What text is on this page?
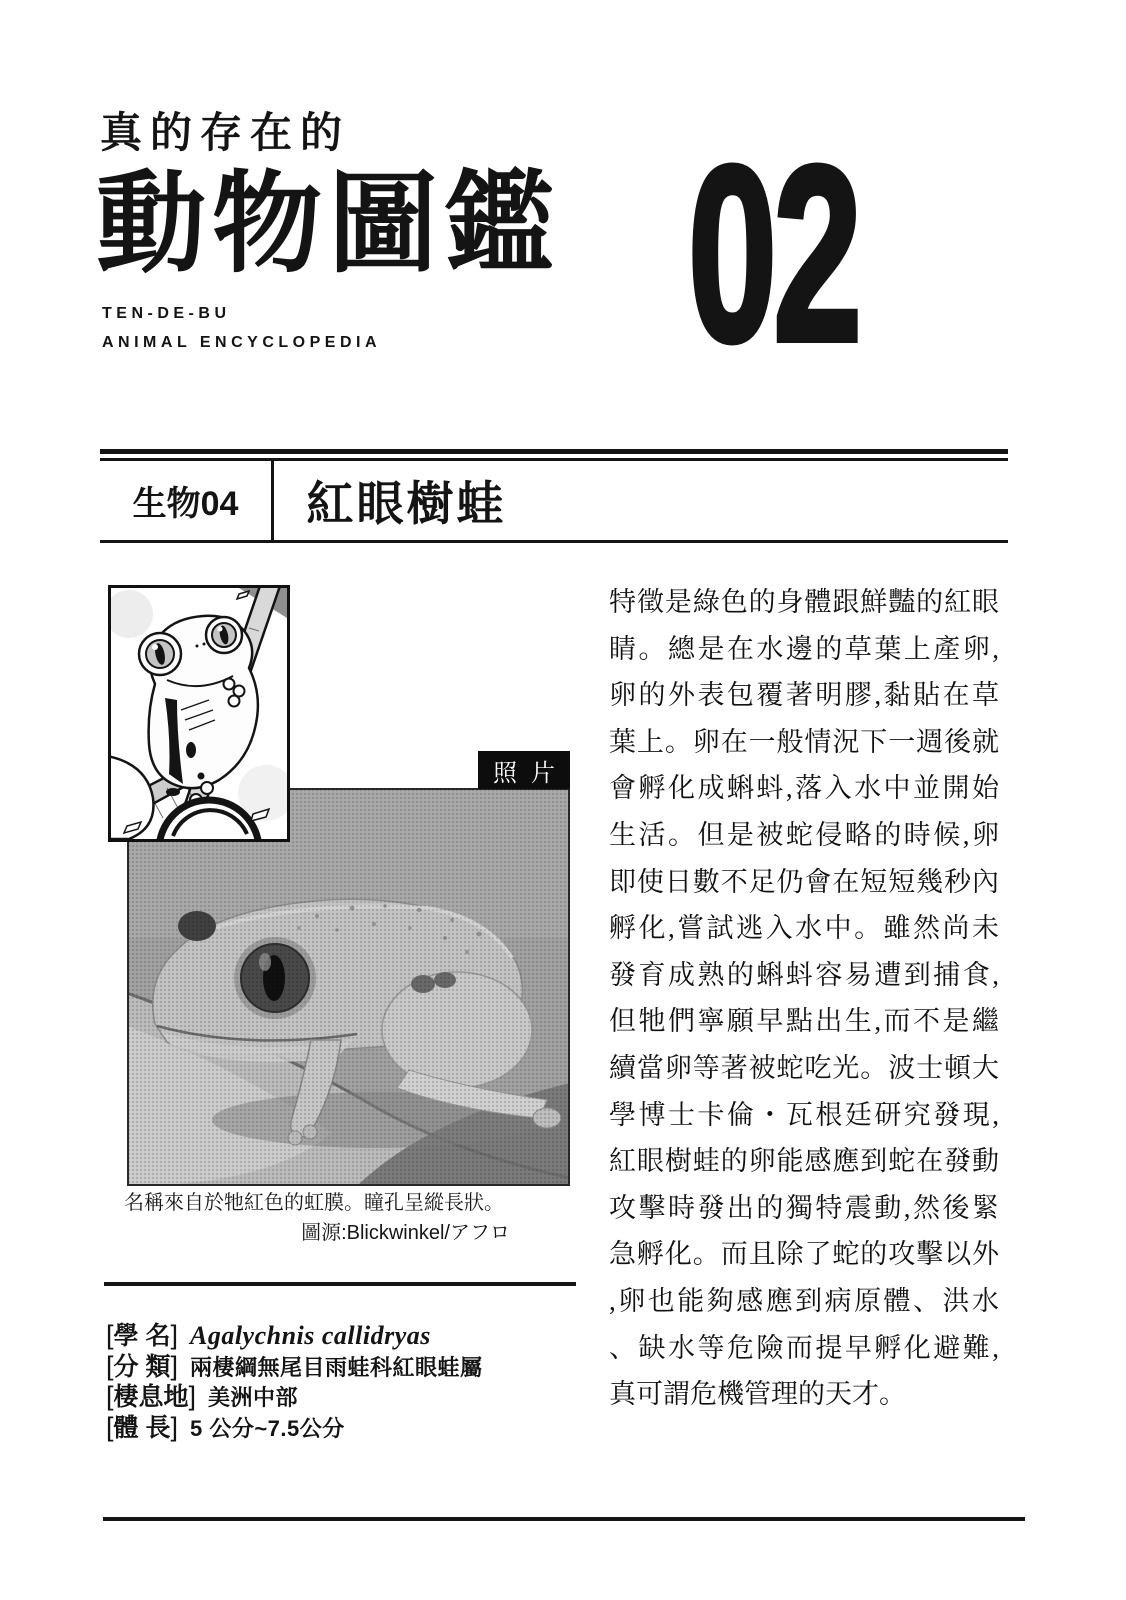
真的存在的
動物圖鑑
TEN-DE-BU
ANIMAL ENCYCLOPEDIA 02
生物04	紅眼樹蛙
照片
名稱來自於牠紅色的虹膜。瞳孔呈縱長狀。
圖源:Blickwinkel/アフロ
[ 學 名 ] Agalychnis callidryas
[ 分 類 ] 兩棲綱無尾目雨蛙科紅眼蛙屬
[ 棲息地 ] 美洲中部
[ 體 長 ] 5 公分~7.5公分
特徵是綠色的身體跟鮮豔的紅眼
睛。總是在水邊的草葉上產卵,
卵的外表包覆著明膠,黏貼在草
葉上。卵在一般情況下一週後就
會孵化成蝌蚪,落入水中並開始
生活。但是被蛇侵略的時候,卵
即使日數不足仍會在短短幾秒內
孵化,嘗試逃入水中。雖然尚未
發育成熟的蝌蚪容易遭到捕食,
但牠們寧願早點出生,而不是繼
續當卵等著被蛇吃光。波士頓大
學博士卡倫・瓦根廷研究發現,
紅眼樹蛙的卵能感應到蛇在發動
攻擊時發出的獨特震動,然後緊
急孵化。而且除了蛇的攻擊以外
,卵也能夠感應到病原體、洪水
、缺水等危險而提早孵化避難,
真可謂危機管理的天才。
